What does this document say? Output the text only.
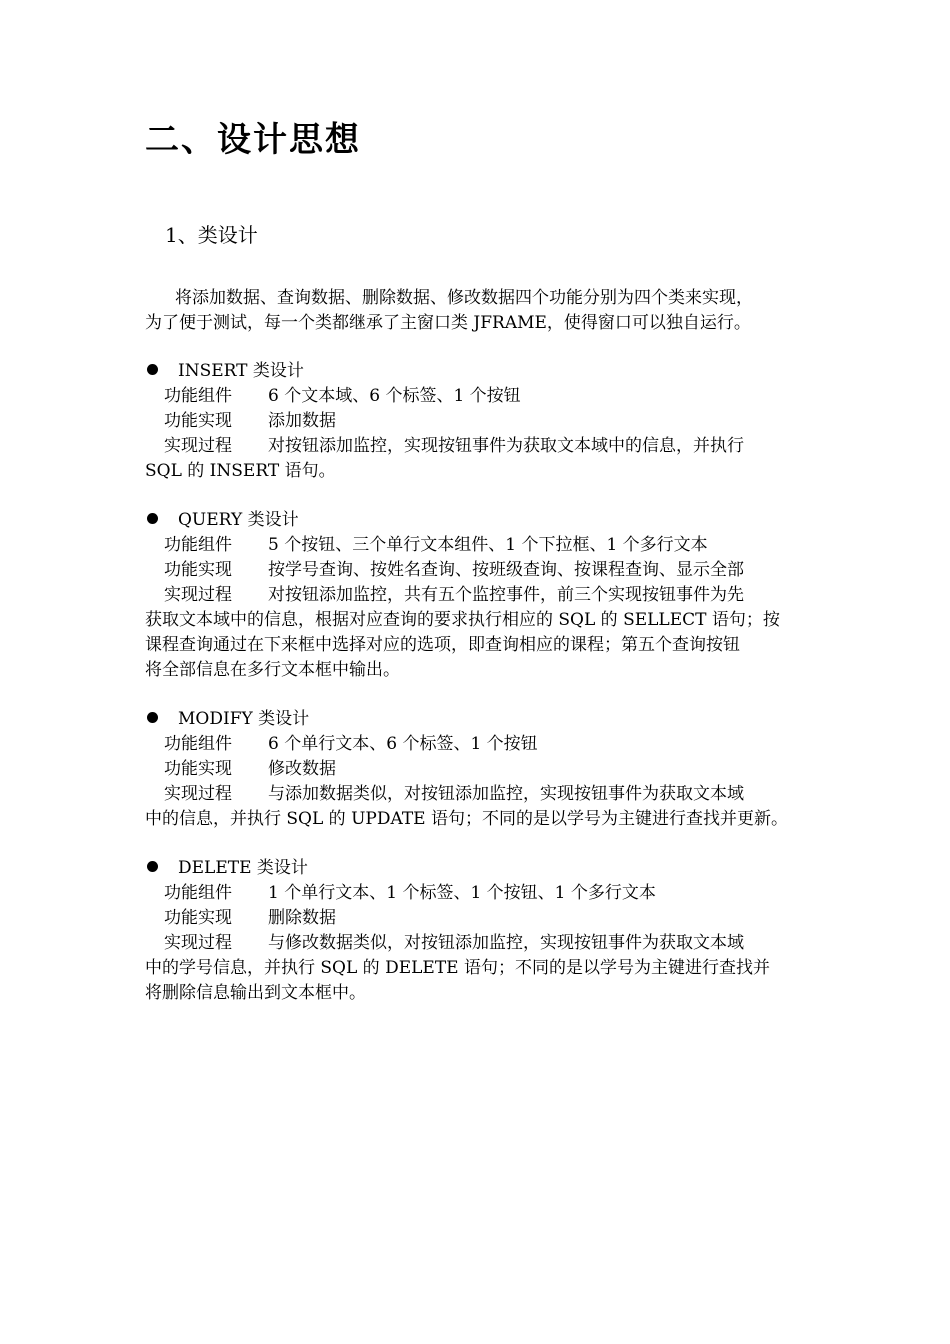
二、设计思想
1、类设计
将添加数据、查询数据、删除数据、修改数据四个功能分别为四个类来实现，
为了便于测试，每一个类都继承了主窗口类 JFRAME，使得窗口可以独自运行。
INSERT 类设计
功能组件 6 个文本域、6 个标签、1 个按钮
功能实现 添加数据
实现过程 对按钮添加监控，实现按钮事件为获取文本域中的信息，并执行
SQL 的 INSERT 语句。
QUERY 类设计
功能组件 5 个按钮、三个单行文本组件、1 个下拉框、1 个多行文本
功能实现 按学号查询、按姓名查询、按班级查询、按课程查询、显示全部
实现过程 对按钮添加监控，共有五个监控事件，前三个实现按钮事件为先
获取文本域中的信息，根据对应查询的要求执行相应的 SQL 的 SELLECT 语句；按
课程查询通过在下来框中选择对应的选项，即查询相应的课程；第五个查询按钮
将全部信息在多行文本框中输出。
MODIFY 类设计
功能组件 6 个单行文本、6 个标签、1 个按钮
功能实现 修改数据
实现过程 与添加数据类似，对按钮添加监控，实现按钮事件为获取文本域
中的信息，并执行 SQL 的 UPDATE 语句；不同的是以学号为主键进行查找并更新。
DELETE 类设计
功能组件 1 个单行文本、1 个标签、1 个按钮、1 个多行文本
功能实现 删除数据
实现过程 与修改数据类似，对按钮添加监控，实现按钮事件为获取文本域
中的学号信息，并执行 SQL 的 DELETE 语句；不同的是以学号为主键进行查找并
将删除信息输出到文本框中。
